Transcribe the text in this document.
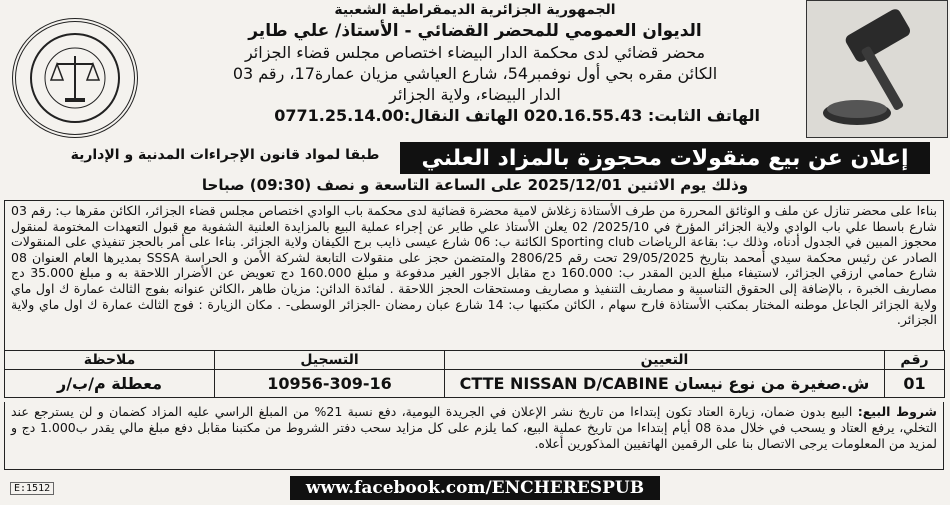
الجمهورية الجزائرية الديمقراطية الشعبية
الديوان العمومي للمحضر القضائي - الأستاذ/ علي طاير
محضر قضائي لدى محكمة الدار البيضاء اختصاص مجلس قضاء الجزائر
الكائن مقره بحي أول نوفمبر54، شارع العياشي مزيان عمارة17، رقم 03
الدار البيضاء، ولاية الجزائر
الهاتف الثابت: 020.16.55.43 الهاتف النقال:0771.25.14.00
إعلان عن بيع منقولات محجوزة بالمزاد العلني
طبقا لمواد قانون الإجراءات المدنية و الإدارية
وذلك يوم الاثنين 2025/12/01 على الساعة التاسعة و نصف (09:30) صباحا

بناءا على محضر تنازل عن ملف و الوثائق المحررة من طرف الأستاذة زغلاش لامية محضرة قضائية لدى محكمة باب الوادي اختصاص مجلس قضاء الجزائر، الكائن مقرها ب: رقم 03 شارع باسطا علي باب الوادي ولاية الجزائر المؤرخ في 2025/10/ 02 يعلن الأستاذ علي طاير عن إجراء عملية البيع بالمزايدة العلنية الشفوية مع قبول التعهدات المختومة لمنقول محجوز المبين في الجدول أدناه، وذلك ب: بقاعة الرياضات Sporting club الكائنة ب: 06 شارع عيسى ذايب برج الكيفان ولاية الجزائر. بناءا على أمر بالحجز تنفيذي على المنقولات الصادر عن رئيس محكمة سيدي أمحمد بتاريخ 29/05/2025 تحت رقم 2806/25 والمتضمن حجز على منقولات التابعة لشركة الأمن و الحراسة SSSA بمديرها العام العنوان 08 شارع حمامي ارزقي الجزائر، لاستيفاء مبلغ الدين المقدر ب: 160.000 دج مقابل الاجور الغير مدفوعة و مبلغ 160.000 دج تعويض عن الأضرار اللاحقة به و مبلغ 35.000 دج مصاريف الخبرة ، بالإضافة إلى الحقوق التناسبية و مصاريف التنفيذ و مصاريف ومستحقات الحجز اللاحقة . لفائدة الدائن: مزيان طاهر ،الكائن عنوانه بفوج الثالث عمارة ك اول ماي ولاية الجزائر الجاعل موطنه المختار بمكتب الأستاذة فارح سهام ، الكائن مكتبها ب: 14 شارع عبان رمضان -الجزائر الوسطى- . مكان الزيارة : فوج الثالث عمارة ك اول ماي ولاية الجزائر.

رقم	التعيين	التسجيل	ملاحظة
01	ش.صغيرة من نوع نيسان CTTE NISSAN D/CABINE	10956-309-16	معطلة م/ب/ر

شروط البيع: البيع بدون ضمان، زيارة العتاد تكون إبتداءا من تاريخ نشر الإعلان في الجريدة اليومية، دفع نسبة 21% من المبلغ الراسي عليه المزاد كضمان و لن يسترجع عند التخلي، يرفع العتاد و يسحب في خلال مدة 08 أيام إبتداءا من تاريخ عملية البيع، كما يلزم على كل مزايد سحب دفتر الشروط من مكتبنا مقابل دفع مبلغ مالي يقدر ب1.000 دج و لمزيد من المعلومات يرجى الاتصال بنا على الرقمين الهاتفيين المذكورين أعلاه.

E:1512	www.facebook.com/ENCHERESPUB
